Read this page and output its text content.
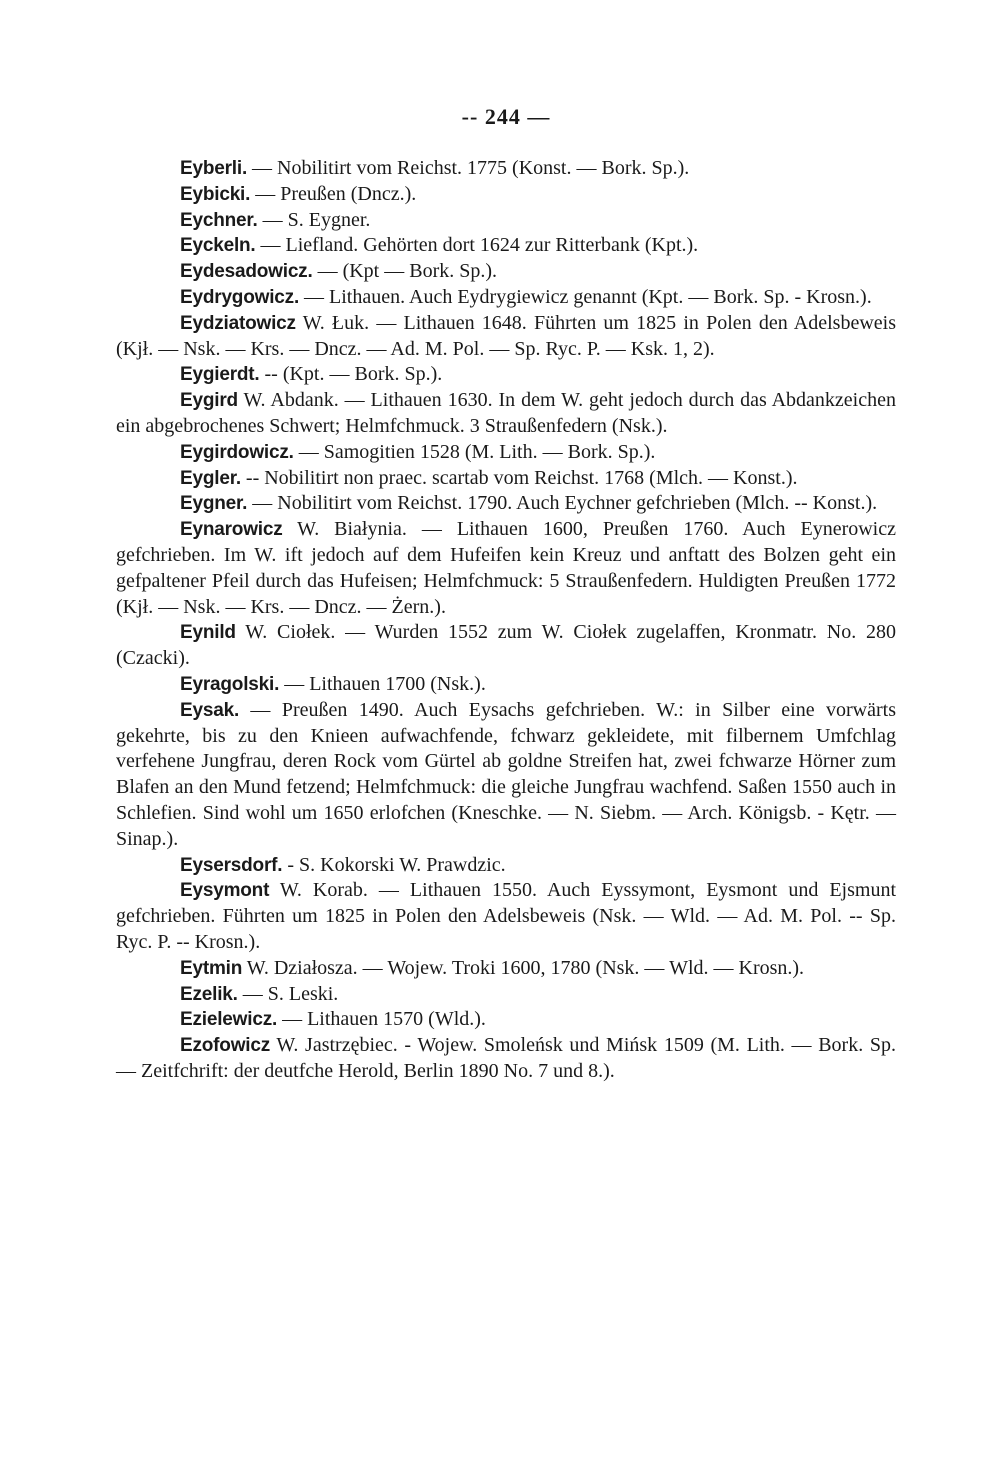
-- 244 —

Eyberli. — Nobilitirt vom Reichst. 1775 (Konst. — Bork. Sp.).

Eybicki. — Preußen (Dncz.).

Eychner. — S. Eygner.

Eyckeln. — Liefland. Gehörten dort 1624 zur Ritterbank (Kpt.).

Eydesadowicz. — (Kpt — Bork. Sp.).

Eydrygowicz. — Lithauen. Auch Eydrygiewicz genannt (Kpt. — Bork. Sp. - Krosn.).

Eydziatowicz W. Łuk. — Lithauen 1648. Führten um 1825 in Polen den Adelsbeweis (Kjł. — Nsk. — Krs. — Dncz. — Ad. M. Pol. — Sp. Ryc. P. — Ksk. 1, 2).

Eygierdt. -- (Kpt. — Bork. Sp.).

Eygird W. Abdank. — Lithauen 1630. In dem W. geht jedoch durch das Abdankzeichen ein abgebrochenes Schwert; Helmfchmuck. 3 Straußenfedern (Nsk.).

Eygirdowicz. — Samogitien 1528 (M. Lith. — Bork. Sp.).

Eygler. -- Nobilitirt non praec. scartab vom Reichst. 1768 (Mlch. — Konst.).

Eygner. — Nobilitirt vom Reichst. 1790. Auch Eychner gefchrieben (Mlch. -- Konst.).

Eynarowicz W. Białynia. — Lithauen 1600, Preußen 1760. Auch Eynerowicz gefchrieben. Im W. ift jedoch auf dem Hufeifen kein Kreuz und anftatt des Bolzen geht ein gefpaltener Pfeil durch das Hufeisen; Helmfchmuck: 5 Straußenfedern. Huldigten Preußen 1772 (Kjł. — Nsk. — Krs. — Dncz. — Żern.).

Eynild W. Ciołek. — Wurden 1552 zum W. Ciołek zugelaffen, Kronmatr. No. 280 (Czacki).

Eyragolski. — Lithauen 1700 (Nsk.).

Eysak. — Preußen 1490. Auch Eysachs gefchrieben. W.: in Silber eine vorwärts gekehrte, bis zu den Knieen aufwachfende, fchwarz gekleidete, mit filbernem Umfchlag verfehene Jungfrau, deren Rock vom Gürtel ab goldne Streifen hat, zwei fchwarze Hörner zum Blafen an den Mund fetzend; Helmfchmuck: die gleiche Jungfrau wachfend. Saßen 1550 auch in Schlefien. Sind wohl um 1650 erlofchen (Kneschke. — N. Siebm. — Arch. Königsb. - Kętr. — Sinap.).

Eysersdorf. - S. Kokorski W. Prawdzic.

Eysymont W. Korab. — Lithauen 1550. Auch Eyssymont, Eysmont und Ejsmunt gefchrieben. Führten um 1825 in Polen den Adelsbeweis (Nsk. — Wld. — Ad. M. Pol. -- Sp. Ryc. P. -- Krosn.).

Eytmin W. Działosza. — Wojew. Troki 1600, 1780 (Nsk. — Wld. — Krosn.).

Ezelik. — S. Leski.

Ezielewicz. — Lithauen 1570 (Wld.).

Ezofowicz W. Jastrzębiec. - Wojew. Smoleńsk und Mińsk 1509 (M. Lith. — Bork. Sp. — Zeitfchrift: der deutfche Herold, Berlin 1890 No. 7 und 8.).
